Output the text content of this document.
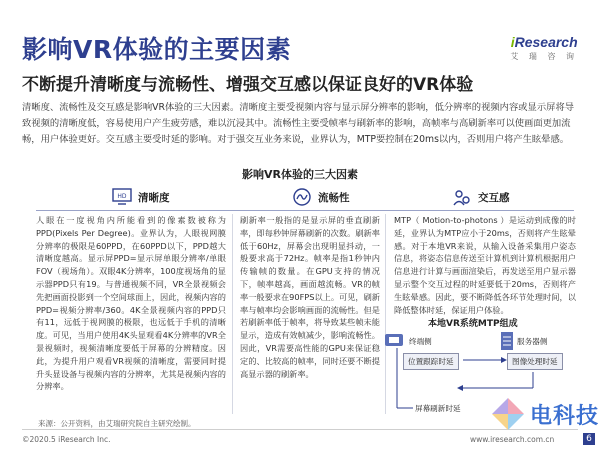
影响VR体验的主要因素
不断提升清晰度与流畅性、增强交互感以保证良好的VR体验
iResearch
艾 瑞 咨 询
清晰度、流畅性及交互感是影响VR体验的三大因素。清晰度主要受视频内容与显示屏分辨率的影响，低分辨率的视频内容或显示屏将导致视频的清晰度低，容易使用户产生疲劳感，难以沉浸其中。流畅性主要受帧率与刷新率的影响，高帧率与高刷新率可以使画面更加流畅，用户体验更好。交互感主要受时延的影响。对于强交互业务来说，业界认为，MTP要控制在20ms以内，否则用户将产生眩晕感。
影响VR体验的三大因素
HD 清晰度	流畅性	交互感
人眼在一度视角内所能看到的像素数被称为PPD(Pixels Per Degree)。业界认为，人眼视网膜分辨率的极限是60PPD，在60PPD以下，PPD越大清晰度越高。显示屏PPD=显示屏单眼分辨率/单眼FOV（视场角）。双眼4K分辨率，100度视场角的显示器PPD只有19。与普通视频不同，VR全景视频会先把画面投影到一个空间球面上，因此，视频内容的PPD=视频分辨率/360。4K全景视频内容的PPD只有11，远低于视网膜的极限，也远低于手机的清晰度。可见，当用户使用4K头显观看4K分辨率的VR全景视频时，视频清晰度要低于屏幕的分辨精度。因此，为提升用户观看VR视频的清晰度，需要同时提升头显设备与视频内容的分辨率，尤其是视频内容的分辨率。
刷新率一般指的是显示屏的垂直刷新率，即每秒钟屏幕刷新的次数。刷新率低于60Hz，屏幕会出现明显抖动，一般要求高于72Hz。帧率是指1秒钟内传输帧的数量。在GPU支持的情况下，帧率越高，画面越流畅。VR的帧率一般要求在90FPS以上。可见，刷新率与帧率均会影响画面的流畅性。但是若刷新率低于帧率，将导致某些帧未能显示，造成有效帧减少，影响流畅性。因此，VR需要高性能的GPU来保证稳定的、比较高的帧率，同时还要不断提高显示器的刷新率。
MTP（ Motion-to-photons ）是运动到成像的时延，业界认为MTP应小于20ms，否则将产生眩晕感。对于本地VR来说，从输入设备采集用户姿态信息，将姿态信息传送至计算机到计算机根据用户信息进行计算与画面渲染后，再发送至用户显示器显示整个交互过程的时延要低于20ms，否则将产生眩晕感。因此，要不断降低各环节处理时间，以降低整体时延，保证用户体验。
本地VR系统MTP组成
终端侧	服务器侧
位置跟踪时延	图像处理时延
屏幕刷新时延
来源：公开资料，由艾瑞研究院自主研究绘制。
©2020.5 iResearch Inc.	www.iresearch.com.cn	6
电科技
